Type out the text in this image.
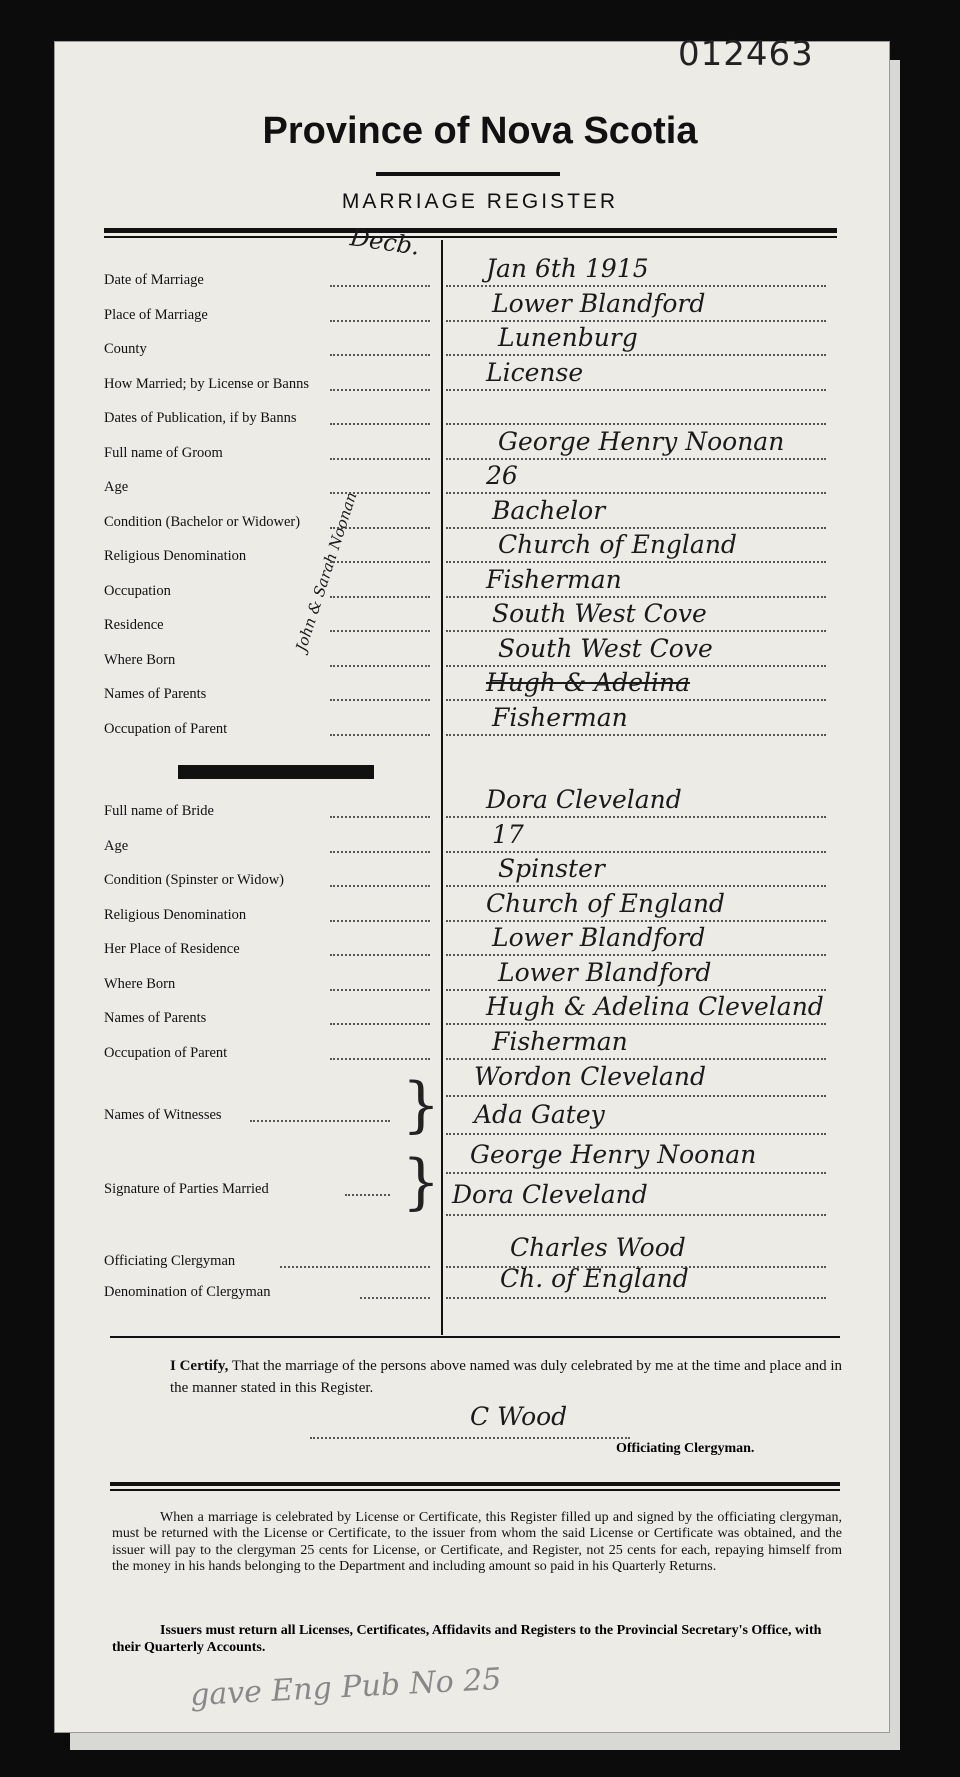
012463
Province of Nova Scotia
MARRIAGE REGISTER
Names of Witnesses	} Wordon Cleveland
Ada Gatey
Signature of Parties Married } George Henry Noonan
Dora Cleveland
I Certify, That the marriage of the persons above named was duly celebrated by me at the time and place and in the manner stated in this Register.
C Wood
Officiating Clergyman.

When a marriage is celebrated by License or Certificate, this Register filled up and signed by the officiating clergyman, must be returned with the License or Certificate, to the issuer from whom the said License or Certificate was obtained, and the issuer will pay to the clergyman 25 cents for License, or Certificate, and Register, not 25 cents for each, repaying himself from the money in his hands belonging to the Department and including amount so paid in his Quarterly Returns.

Issuers must return all Licenses, Certificates, Affidavits and Registers to the Provincial Secretary's Office, with their Quarterly Accounts.
gave Eng Pub No 25
Decb.
John & Sarah Noonan
Date of Marriage	Jan 6th 1915
Place of Marriage	Lower Blandford
County	Lunenburg
How Married; by License or Banns	License
Dates of Publication, if by Banns
Full name of Groom	George Henry Noonan
Age	26
Condition (Bachelor or Widower)	Bachelor
Religious Denomination	Church of England
Occupation	Fisherman
Residence	South West Cove
Where Born	South West Cove
Names of Parents	Hugh & Adelina
Occupation of Parent	Fisherman
Full name of Bride	Dora Cleveland
Age	17
Condition (Spinster or Widow)	Spinster
Religious Denomination	Church of England
Her Place of Residence	Lower Blandford
Where Born	Lower Blandford
Names of Parents	Hugh & Adelina Cleveland
Occupation of Parent	Fisherman
Officiating Clergyman	Charles Wood
Denomination of Clergyman	Ch. of England
